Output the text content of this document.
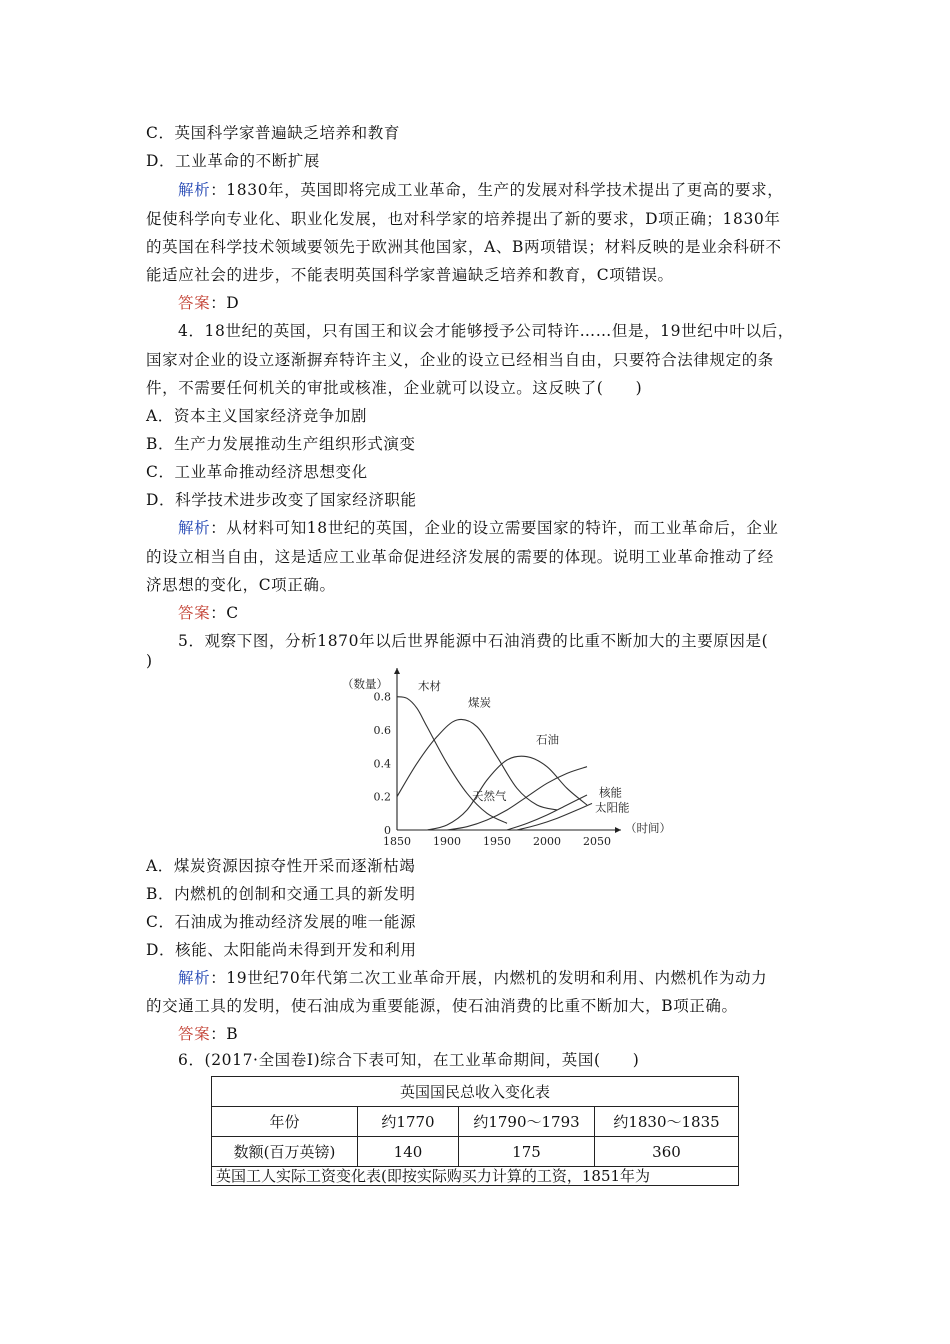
C．英国科学家普遍缺乏培养和教育
D．工业革命的不断扩展
解析：1830年，英国即将完成工业革命，生产的发展对科学技术提出了更高的要求，
促使科学向专业化、职业化发展，也对科学家的培养提出了新的要求，D项正确；1830年
的英国在科学技术领域要领先于欧洲其他国家，A、B两项错误；材料反映的是业余科研不
能适应社会的进步，不能表明英国科学家普遍缺乏培养和教育，C项错误。
答案：D
4．18世纪的英国，只有国王和议会才能够授予公司特许……但是，19世纪中叶以后，
国家对企业的设立逐渐摒弃特许主义，企业的设立已经相当自由，只要符合法律规定的条
件，不需要任何机关的审批或核准，企业就可以设立。这反映了(　　)
A．资本主义国家经济竞争加剧
B．生产力发展推动生产组织形式演变
C．工业革命推动经济思想变化
D．科学技术进步改变了国家经济职能
解析：从材料可知18世纪的英国，企业的设立需要国家的特许，而工业革命后，企业
的设立相当自由，这是适应工业革命促进经济发展的需要的体现。说明工业革命推动了经
济思想的变化，C项正确。
答案：C
5．观察下图，分析1870年以后世界能源中石油消费的比重不断加大的主要原因是(
)
0
0.2
0.4
0.6
0.8
1850 1900 1950 2000 2050
（数量）
（时间）
木材
煤炭
石油
天然气	核能
太阳能
A．煤炭资源因掠夺性开采而逐渐枯竭
B．内燃机的创制和交通工具的新发明
C．石油成为推动经济发展的唯一能源
D．核能、太阳能尚未得到开发和利用
解析：19世纪70年代第二次工业革命开展，内燃机的发明和利用、内燃机作为动力
的交通工具的发明，使石油成为重要能源，使石油消费的比重不断加大，B项正确。
答案：B
6．(2017·全国卷Ⅰ)综合下表可知，在工业革命期间，英国(　　)
英国国民总收入变化表			
年份	约1770	约1790～1793	约1830～1835
数额(百万英镑)	140	175	360
英国工人实际工资变化表(即按实际购买力计算的工资，1851年为			
